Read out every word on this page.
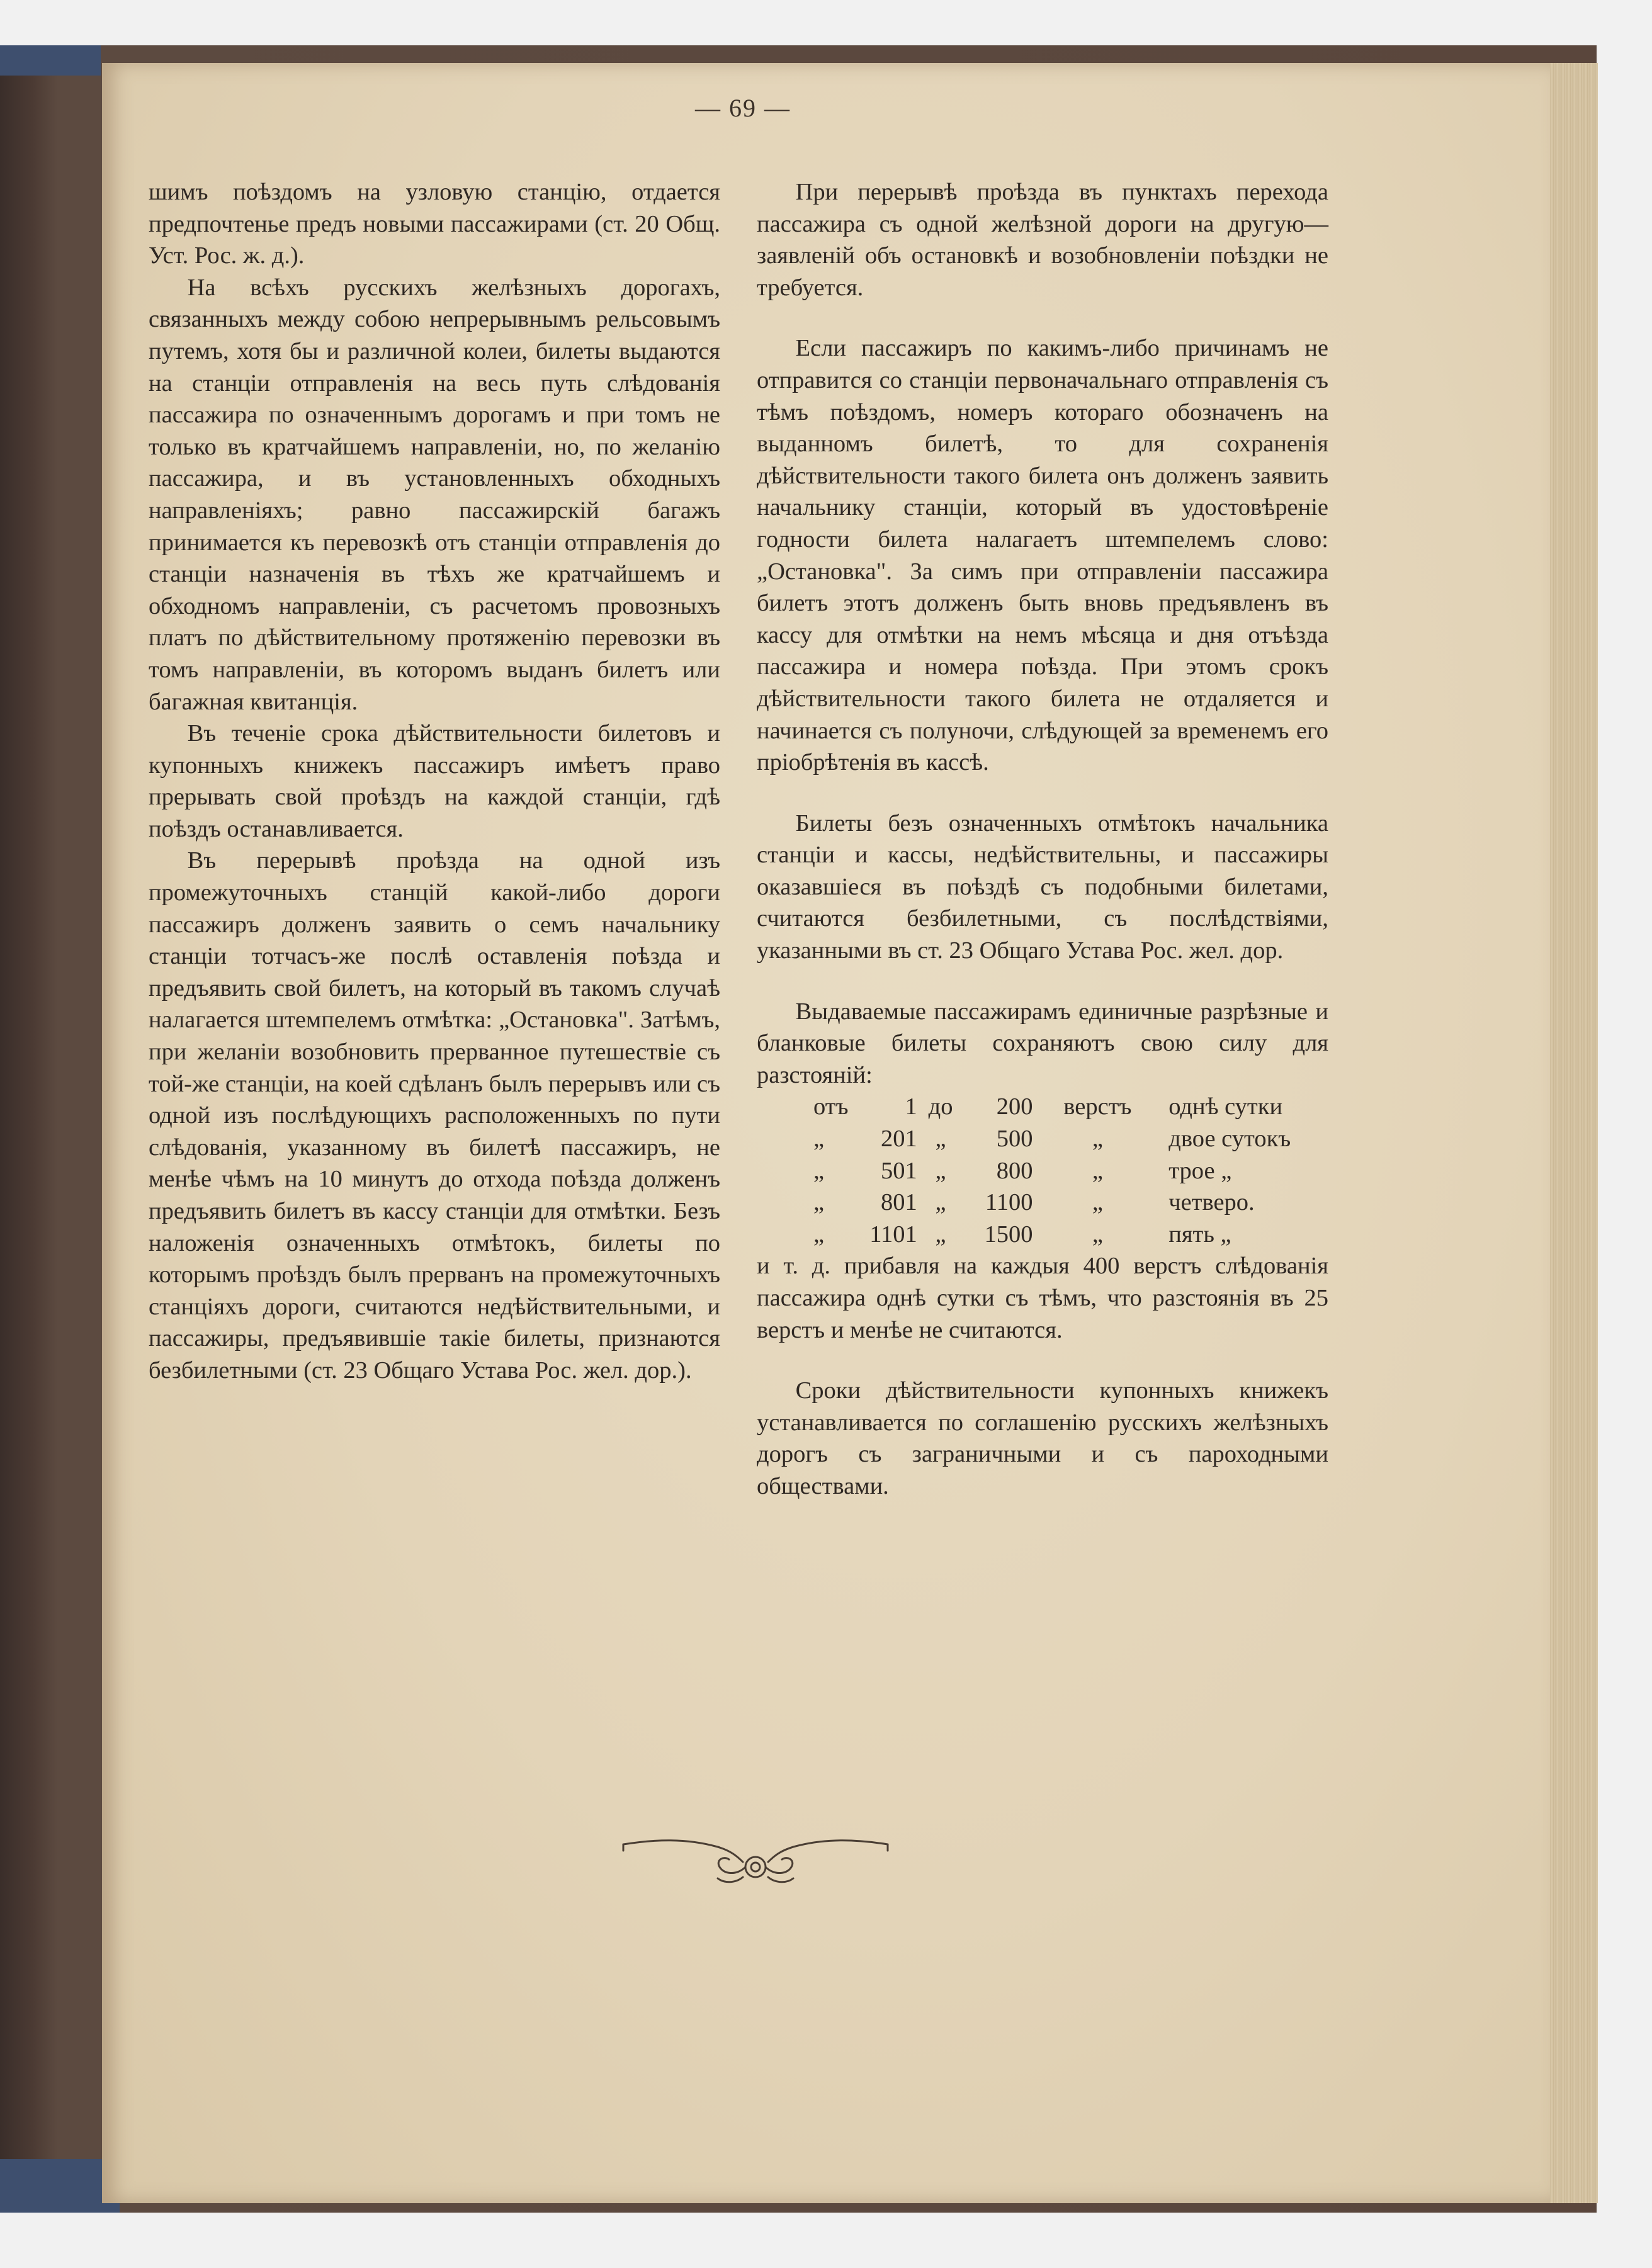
— 69 —

шимъ поѣздомъ на узловую станцію, отдается предпочтенье предъ новыми пассажирами (ст. 20 Общ. Уст. Рос. ж. д.).

На всѣхъ русскихъ желѣзныхъ дорогахъ, связанныхъ между собою непрерывнымъ рельсовымъ путемъ, хотя бы и различной колеи, билеты выдаются на станціи отправленія на весь путь слѣдованія пассажира по означеннымъ дорогамъ и при томъ не только въ кратчайшемъ направленіи, но, по желанію пассажира, и въ установленныхъ обходныхъ направленіяхъ; равно пассажирскій багажъ принимается къ перевозкѣ отъ станціи отправленія до станціи назначенія въ тѣхъ же кратчайшемъ и обходномъ направленіи, съ расчетомъ провозныхъ платъ по дѣйствительному протяженію перевозки въ томъ направленіи, въ которомъ выданъ билетъ или багажная квитанція.

Въ теченіе срока дѣйствительности билетовъ и купонныхъ книжекъ пассажиръ имѣетъ право прерывать свой проѣздъ на каждой станціи, гдѣ поѣздъ останавливается.

Въ перерывѣ проѣзда на одной изъ промежуточныхъ станцій какой-либо дороги пассажиръ долженъ заявить о семъ начальнику станціи тотчасъ-же послѣ оставленія поѣзда и предъявить свой билетъ, на который въ такомъ случаѣ налагается штемпелемъ отмѣтка: „Остановка". Затѣмъ, при желаніи возобновить прерванное путешествіе съ той-же станціи, на коей сдѣланъ былъ перерывъ или съ одной изъ послѣдующихъ расположенныхъ по пути слѣдованія, указанному въ билетѣ пассажиръ, не менѣе чѣмъ на 10 минутъ до отхода поѣзда долженъ предъявить билетъ въ кассу станціи для отмѣтки. Безъ наложенія означенныхъ отмѣтокъ, билеты по которымъ проѣздъ былъ прерванъ на промежуточныхъ станціяхъ дороги, считаются недѣйствительными, и пассажиры, предъявившіе такіе билеты, признаются безбилетными (ст. 23 Общаго Устава Рос. жел. дор.).

При перерывѣ проѣзда въ пунктахъ перехода пассажира съ одной желѣзной дороги на другую—заявленій объ остановкѣ и возобновленіи поѣздки не требуется.

Если пассажиръ по какимъ-либо причинамъ не отправится со станціи первоначальнаго отправленія съ тѣмъ поѣздомъ, номеръ котораго обозначенъ на выданномъ билетѣ, то для сохраненія дѣйствительности такого билета онъ долженъ заявить начальнику станціи, который въ удостовѣреніе годности билета налагаетъ штемпелемъ слово: „Остановка". За симъ при отправленіи пассажира билетъ этотъ долженъ быть вновь предъявленъ въ кассу для отмѣтки на немъ мѣсяца и дня отъѣзда пассажира и номера поѣзда. При этомъ срокъ дѣйствительности такого билета не отдаляется и начинается съ полуночи, слѣдующей за временемъ его пріобрѣтенія въ кассѣ.

Билеты безъ означенныхъ отмѣтокъ начальника станціи и кассы, недѣйствительны, и пассажиры оказавшіеся въ поѣздѣ съ подобными билетами, считаются безбилетными, съ послѣдствіями, указанными въ ст. 23 Общаго Устава Рос. жел. дор.

Выдаваемые пассажирамъ единичные разрѣзные и бланковые билеты сохраняютъ свою силу для разстояній:

отъ	1	до	200	верстъ	однѣ сутки
„	201	„	500	„	двое сутокъ
„	501	„	800	„	трое „
„	801	„	1100	„	четверо.
„	1101	„	1500	„	пять „

и т. д. прибавля на каждыя 400 верстъ слѣдованія пассажира однѣ сутки съ тѣмъ, что разстоянія въ 25 верстъ и менѣе не считаются.

Сроки дѣйствительности купонныхъ книжекъ устанавливается по соглашенію русскихъ желѣзныхъ дорогъ съ заграничными и съ пароходными обществами.
